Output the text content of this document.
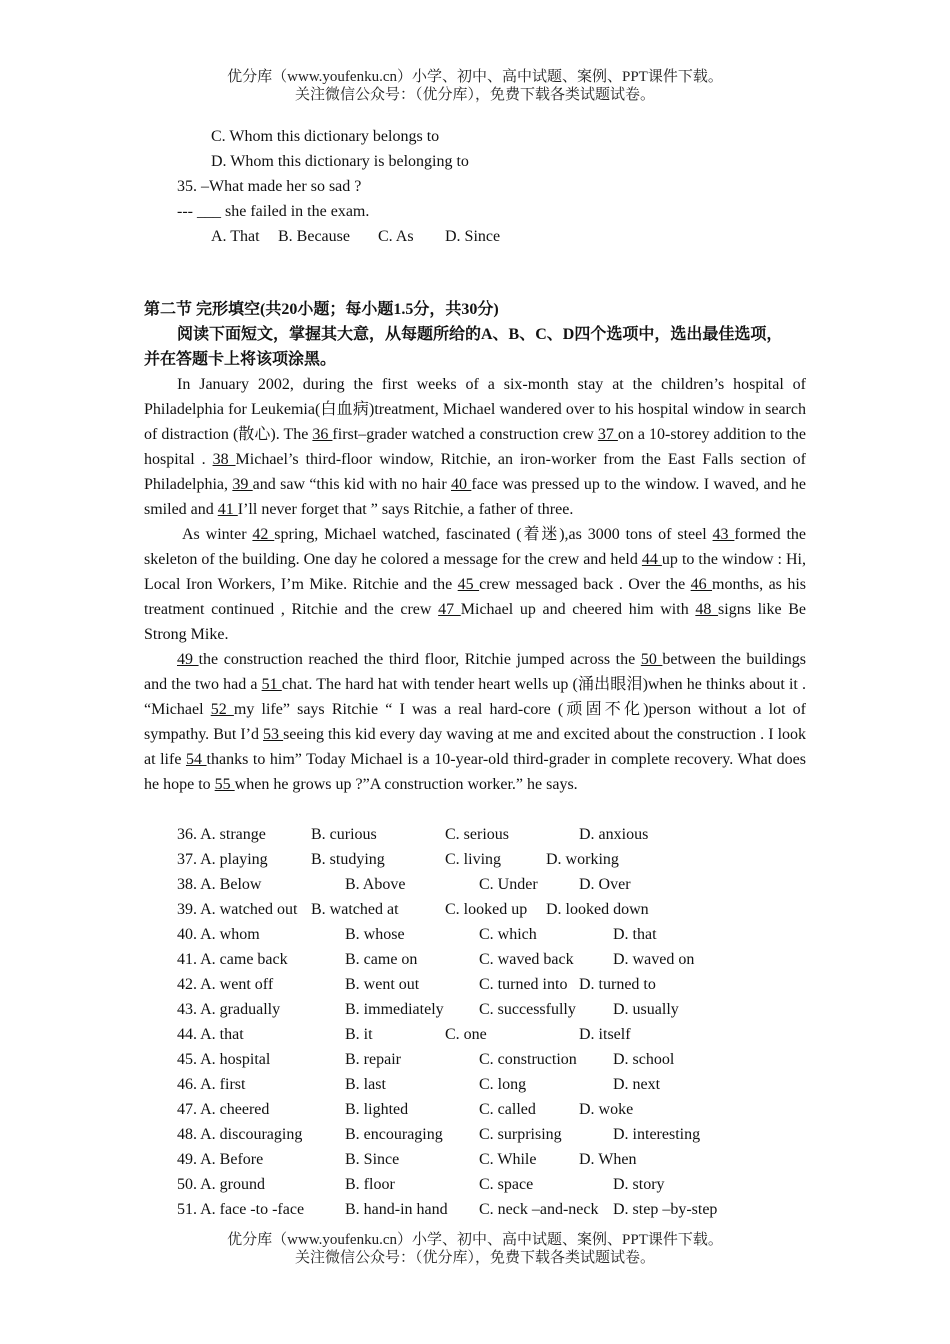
优分库（www.youfenku.cn）小学、初中、高中试题、案例、PPT课件下载。
关注微信公众号：（优分库），免费下载各类试题试卷。
C. Whom this dictionary belongs to
D. Whom this dictionary is belonging to
35. –What made her so sad ?
--- ___ she failed in the exam.
A. That B. Because C. As D. Since
第二节 完形填空(共20小题；每小题1.5分，共30分)
阅读下面短文，掌握其大意，从每题所给的A、B、C、D四个选项中，选出最佳选项，
并在答题卡上将该项涂黑。

In January 2002, during the first weeks of a six-month stay at the children’s hospital of Philadelphia for Leukemia(白血病)treatment, Michael wandered over to his hospital window in search of distraction (散心). The 36 first–grader watched a construction crew 37 on a 10-storey addition to the hospital . 38 Michael’s third-floor window, Ritchie, an iron-worker from the East Falls section of Philadelphia, 39 and saw “this kid with no hair 40 face was pressed up to the window. I waved, and he smiled and 41 I’ll never forget that ” says Ritchie, a father of three.

As winter 42 spring, Michael watched, fascinated (着迷),as 3000 tons of steel 43 formed the skeleton of the building. One day he colored a message for the crew and held 44 up to the window : Hi, Local Iron Workers, I’m Mike. Ritchie and the 45 crew messaged back . Over the 46 months, as his treatment continued , Ritchie and the crew 47 Michael up and cheered him with 48 signs like Be Strong Mike.

49 the construction reached the third floor, Ritchie jumped across the 50 between the buildings and the two had a 51 chat. The hard hat with tender heart wells up (涌出眼泪)when he thinks about it . “Michael 52 my life” says Ritchie “ I was a real hard-core (顽固不化)person without a lot of sympathy. But I’d 53 seeing this kid every day waving at me and excited about the construction . I look at life 54 thanks to him” Today Michael is a 10-year-old third-grader in complete recovery. What does he hope to 55 when he grows up ?”A construction worker.” he says.

36. A. strange	B. curious	C. serious	D. anxious
37. A. playing	B. studying	C. living	D. working
38. A. Below	B. Above	C. Under	D. Over
39. A. watched out B. watched at	C. looked up D. looked down
40. A. whom	B. whose	C. which	D. that
41. A. came back	B. came on	C. waved back D. waved on
42. A. went off	B. went out	C. turned into D. turned to
43. A. gradually	B. immediately C. successfully D. usually
44. A. that	B. it	C. one	D. itself
45. A. hospital	B. repair	C. construction D. school
46. A. first	B. last	C. long	D. next
47. A. cheered	B. lighted	C. called	D. woke
48. A. discouraging	B. encouraging C. surprising	D. interesting
49. A. Before	B. Since	C. While	D. When
50. A. ground	B. floor	C. space	D. story
51. A. face -to -face	B. hand-in hand C. neck –and-neck D. step –by-step
优分库（www.youfenku.cn）小学、初中、高中试题、案例、PPT课件下载。
关注微信公众号：（优分库），免费下载各类试题试卷。
